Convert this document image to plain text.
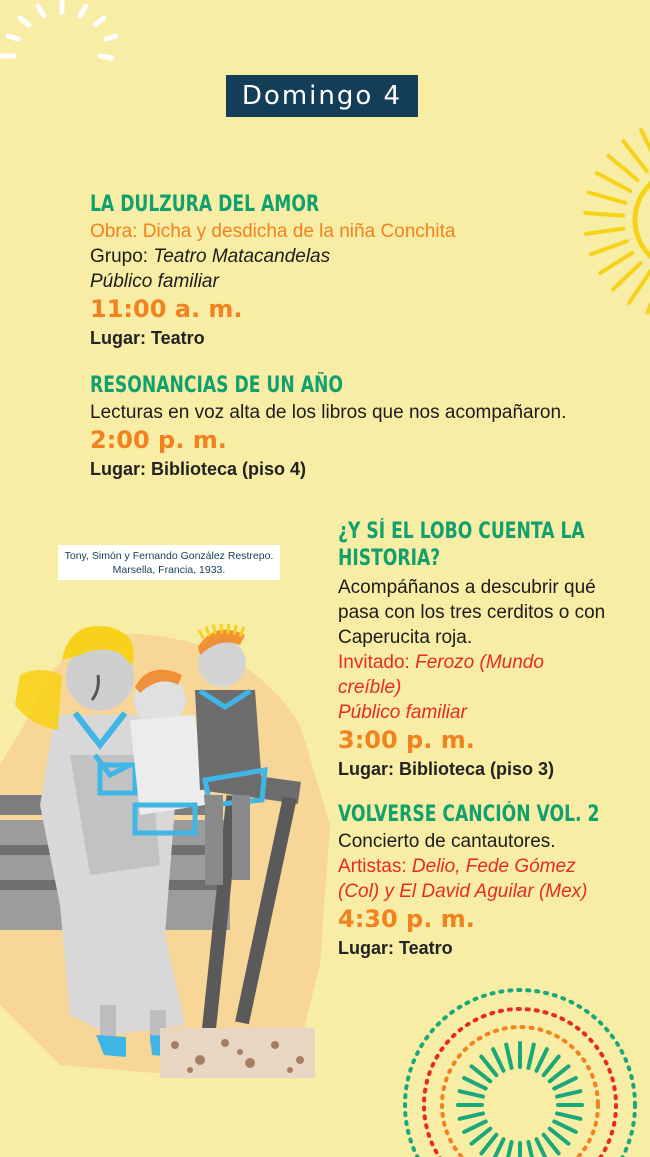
Domingo 4
LA DULZURA DEL AMOR
Obra: Dicha y desdicha de la niña Conchita
Grupo: Teatro Matacandelas
Público familiar
11:00 a. m.
Lugar: Teatro
RESONANCIAS DE UN AÑO
Lecturas en voz alta de los libros que nos acompañaron.
2:00 p. m.
Lugar: Biblioteca (piso 4)
Tony, Simón y Fernando González Restrepo.
Marsella, Francia, 1933.
¿Y SÍ EL LOBO CUENTA LA
HISTORIA?
Acompáñanos a descubrir qué
pasa con los tres cerditos o con
Caperucita roja.
Invitado: Ferozo (Mundo
creíble)
Público familiar
3:00 p. m.
Lugar: Biblioteca (piso 3)
VOLVERSE CANCIÓN VOL. 2
Concierto de cantautores.
Artistas: Delio, Fede Gómez
(Col) y El David Aguilar (Mex)
4:30 p. m.
Lugar: Teatro
